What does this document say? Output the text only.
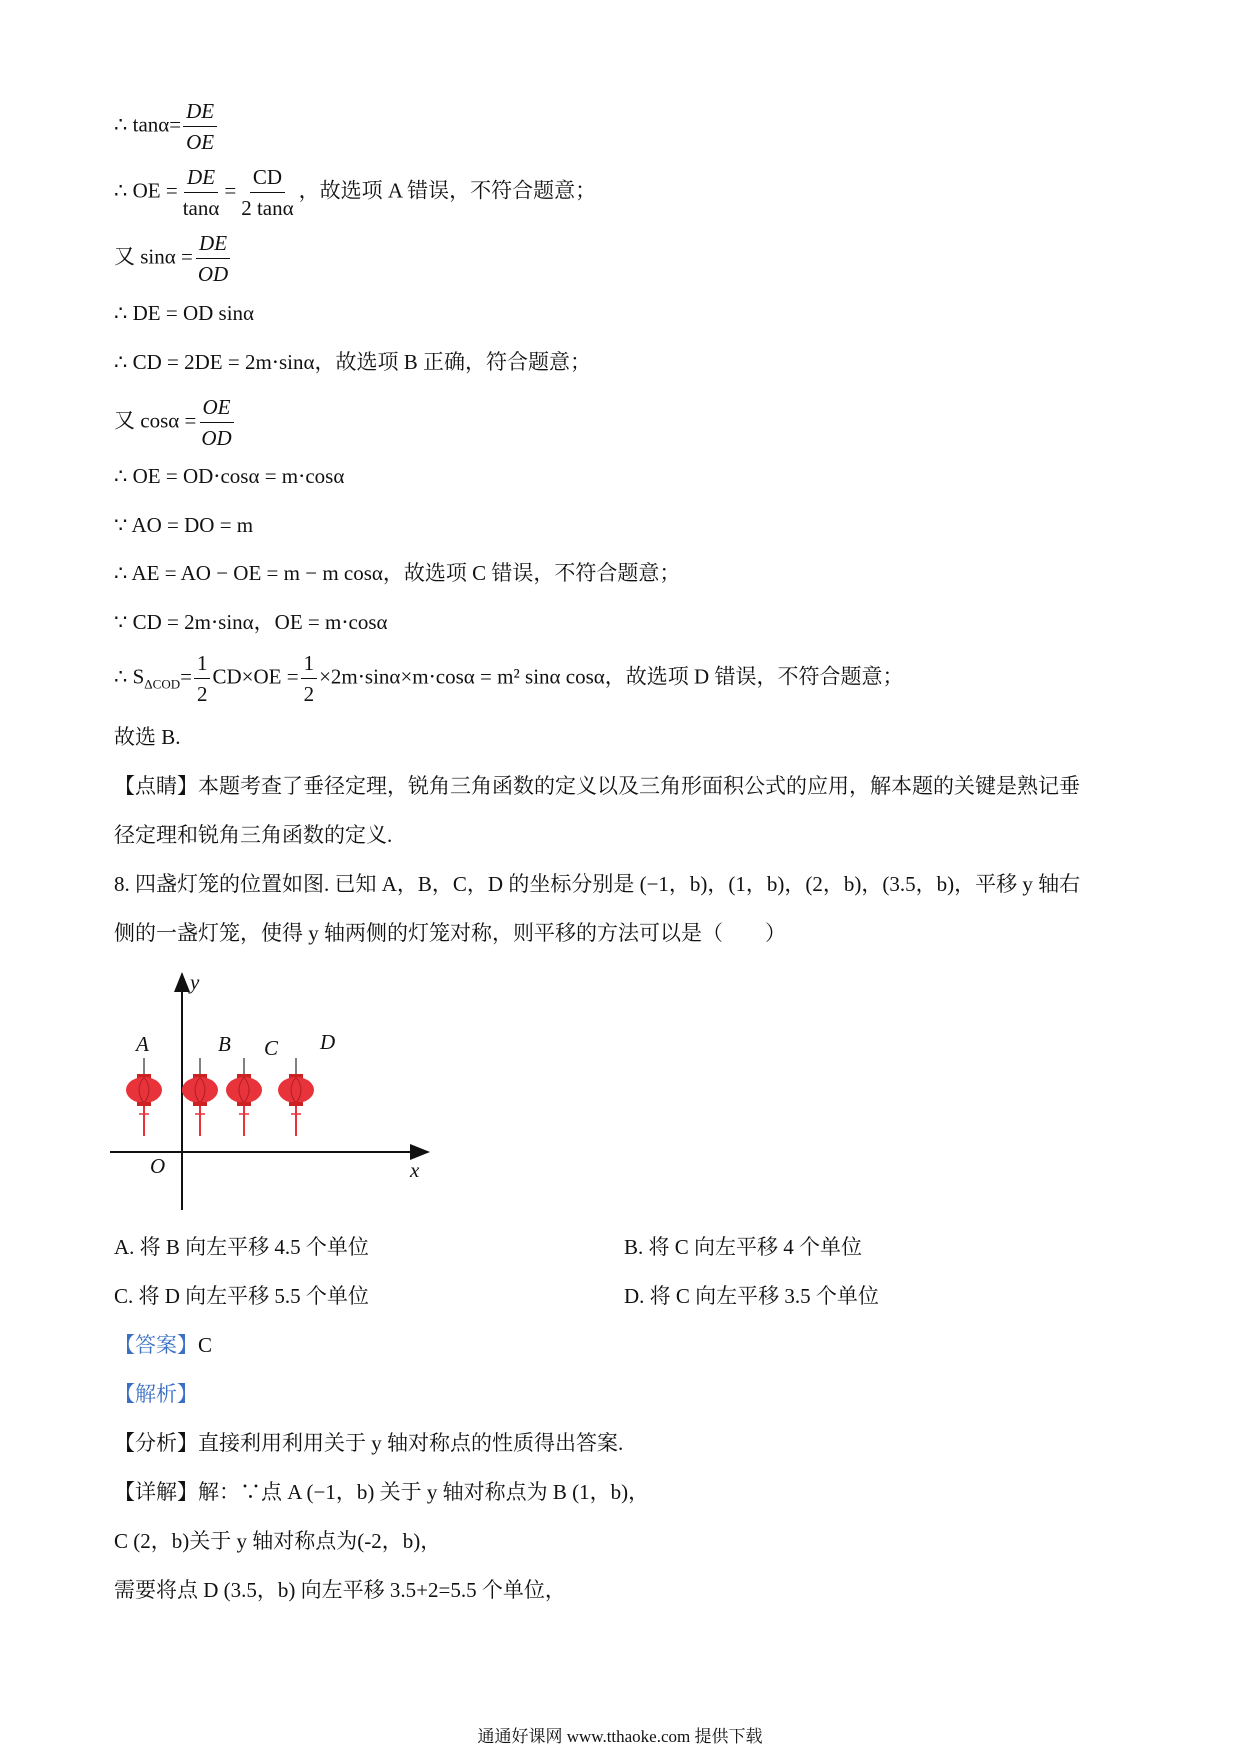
∴ $\tan\alpha= \frac{DE}{OE}$
∴ OE = $\frac{DE}{\tan\alpha} = \frac{CD}{2 \tan\alpha}$ ，故选项 A 错误，不符合题意；
又 $\sin\alpha = \frac{DE}{OD}$
∴ DE = OD sinα
∴ CD = 2DE = 2m⋅sinα，故选项 B 正确，符合题意；
又 $\cos\alpha = \frac{OE}{OD}$
∴ OE = OD⋅cosα = m⋅cosα
∵ AO = DO = m
∴ AE = AO − OE = m − m cosα，故选项 C 错误，不符合题意；
∵ CD = 2m⋅sinα，OE = m⋅cosα
∴ $S_{\Delta COD}= \frac{1}{2} CD\times OE = \frac{1}{2} \times 2m\cdot\sin\alpha\times m\cdot\cos\alpha = m^2$ sinα cosα，故选项 D 错误，不符合题意；
故选 B.
【点睛】本题考查了垂径定理，锐角三角函数的定义以及三角形面积公式的应用，解本题的关键是熟记垂
径定理和锐角三角函数的定义.
8. 四盏灯笼的位置如图. 已知 A，B，C，D 的坐标分别是 (−1，b)，(1，b)，(2，b)，(3.5，b)，平移 y 轴右
侧的一盏灯笼，使得 y 轴两侧的灯笼对称，则平移的方法可以是（　　）
y
x
O
A	B C D
A. 将 B 向左平移 4.5 个单位	B. 将 C 向左平移 4 个单位
C. 将 D 向左平移 5.5 个单位	D. 将 C 向左平移 3.5 个单位
【答案】C
【解析】
【分析】直接利用利用关于 y 轴对称点的性质得出答案.
【详解】解：∵点 A (−1，b) 关于 y 轴对称点为 B (1，b)，
C (2，b)关于 y 轴对称点为(-2，b)，
需要将点 D (3.5，b) 向左平移 3.5+2=5.5 个单位，
通通好课网 www.tthaoke.com 提供下载
